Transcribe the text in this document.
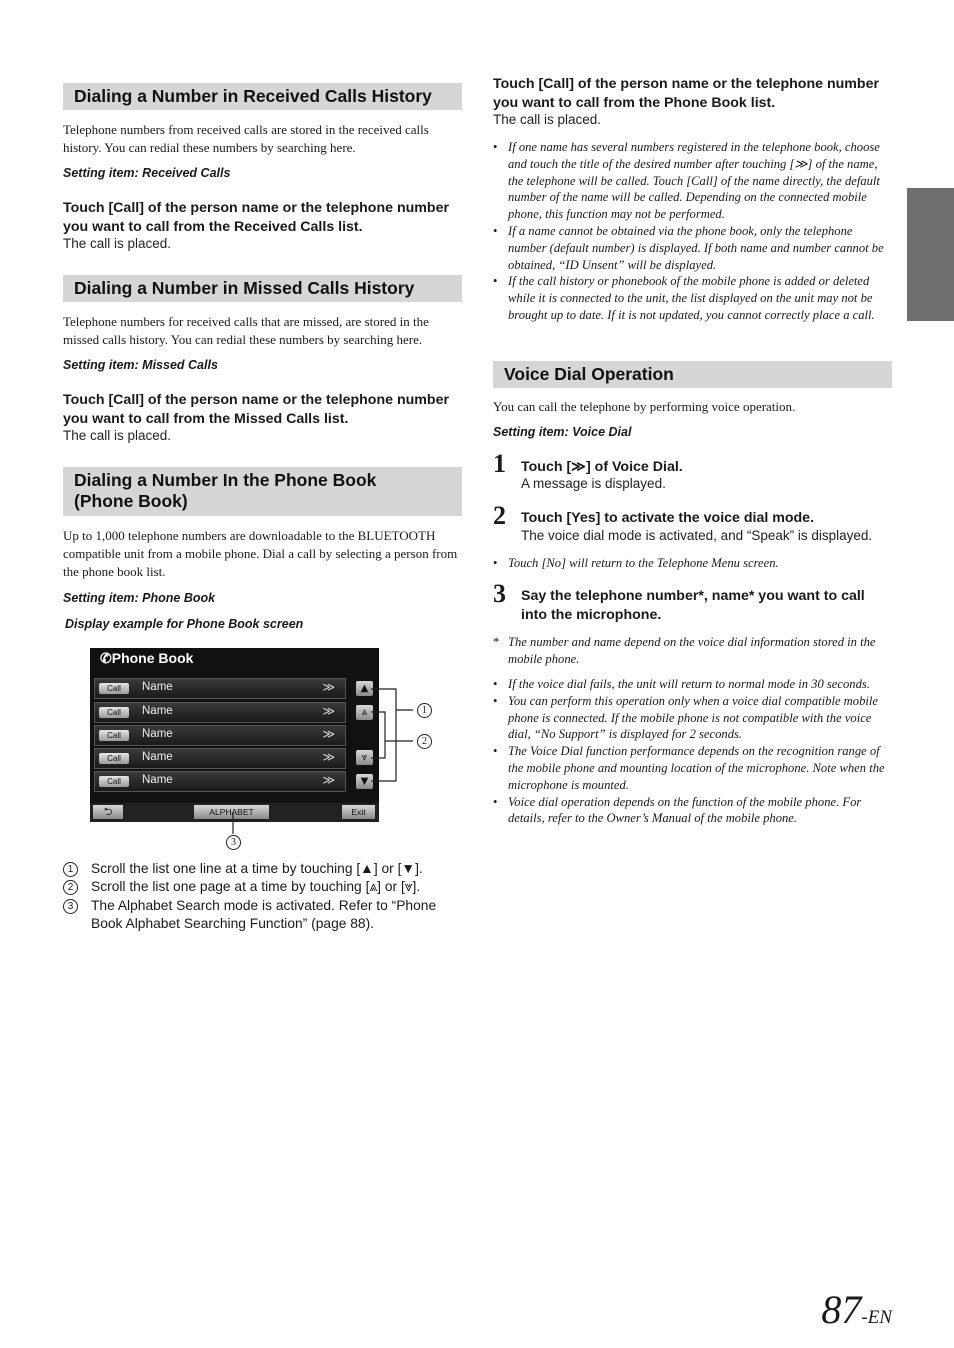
Dialing a Number in Received Calls History
Telephone numbers from received calls are stored in the received calls history. You can redial these numbers by searching here.
Setting item: Received Calls
Touch [Call] of the person name or the telephone number you want to call from the Received Calls list.
The call is placed.
Dialing a Number in Missed Calls History
Telephone numbers for received calls that are missed, are stored in the missed calls history. You can redial these numbers by searching here.
Setting item: Missed Calls
Touch [Call] of the person name or the telephone number you want to call from the Missed Calls list.
The call is placed.
Dialing a Number In the Phone Book
(Phone Book)
Up to 1,000 telephone numbers are downloadable to the BLUETOOTH compatible unit from a mobile phone. Dial a call by selecting a person from the phone book list.
Setting item: Phone Book
Display example for Phone Book screen
✆Phone Book
Call	Name	≫
Call	Name	≫
Call	Name	≫
Call	Name	≫
Call	Name	≫
▲
⩓
⩔
▼
⮌	ALPHABET	Exit
1
2
3
1	Scroll the list one line at a time by touching [▲] or [▼].
2	Scroll the list one page at a time by touching [⩓] or [⩔].
3	The Alphabet Search mode is activated. Refer to “Phone Book Alphabet Searching Function” (page 88).
Touch [Call] of the person name or the telephone number you want to call from the Phone Book list.
The call is placed.
• If one name has several numbers registered in the telephone book, choose and touch the title of the desired number after touching [≫] of the name, the telephone will be called. Touch [Call] of the name directly, the default number of the name will be called. Depending on the connected mobile phone, this function may not be performed.
• If a name cannot be obtained via the phone book, only the telephone number (default number) is displayed. If both name and number cannot be obtained, “ID Unsent” will be displayed.
• If the call history or phonebook of the mobile phone is added or deleted while it is connected to the unit, the list displayed on the unit may not be brought up to date. If it is not updated, you cannot correctly place a call.
Voice Dial Operation
You can call the telephone by performing voice operation.
Setting item: Voice Dial
1 Touch [≫] of Voice Dial.
A message is displayed.
2 Touch [Yes] to activate the voice dial mode.
The voice dial mode is activated, and “Speak” is displayed.
• Touch [No] will return to the Telephone Menu screen.
3 Say the telephone number*, name* you want to call into the microphone.
* The number and name depend on the voice dial information stored in the mobile phone.
• If the voice dial fails, the unit will return to normal mode in 30 seconds.
• You can perform this operation only when a voice dial compatible mobile phone is connected. If the mobile phone is not compatible with the voice dial, “No Support” is displayed for 2 seconds.
• The Voice Dial function performance depends on the recognition range of the mobile phone and mounting location of the microphone. Note when the microphone is mounted.
• Voice dial operation depends on the function of the mobile phone. For details, refer to the Owner’s Manual of the mobile phone.
87-EN
